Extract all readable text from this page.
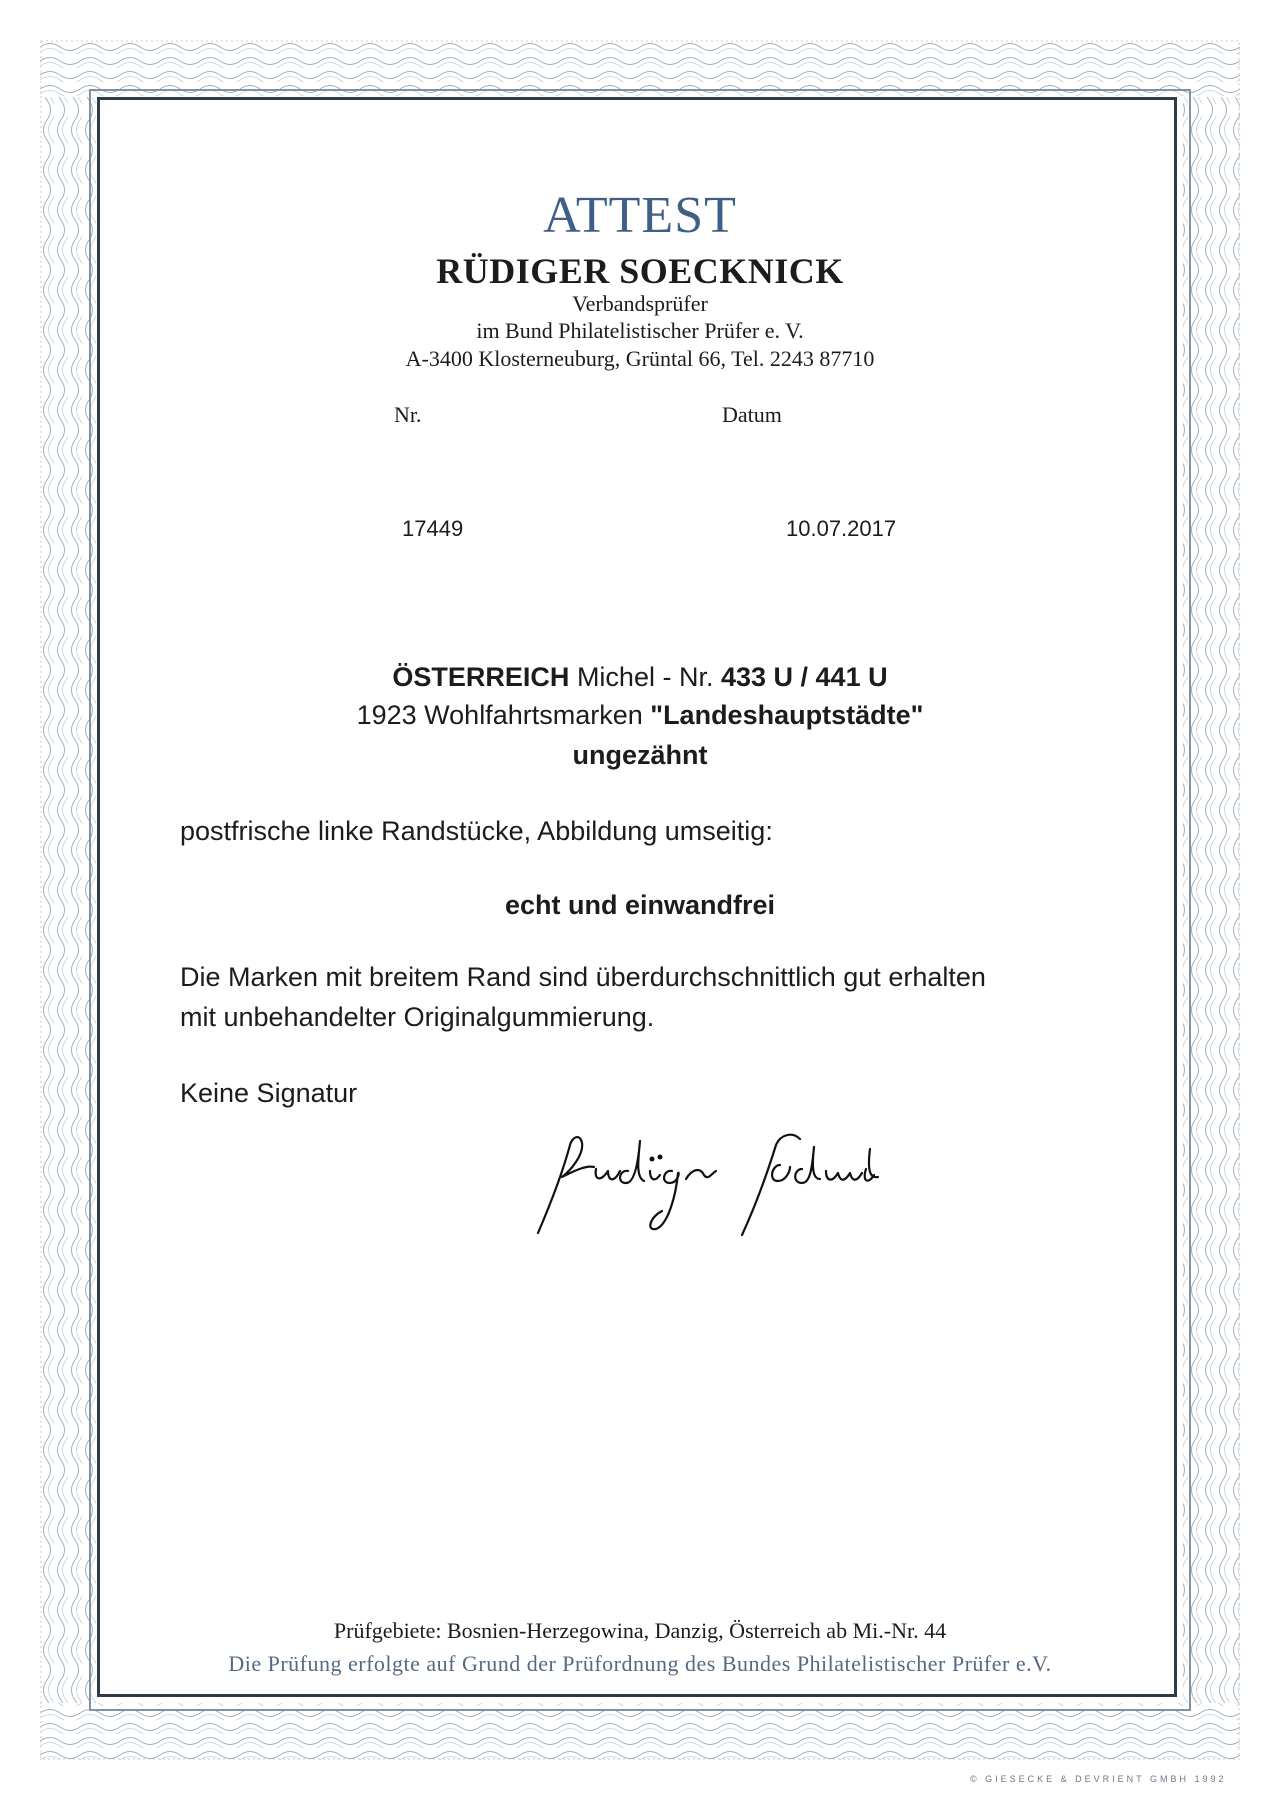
ATTEST
RÜDIGER SOECKNICK
Verbandsprüfer
im Bund Philatelistischer Prüfer e. V.
A-3400 Klosterneuburg, Grüntal 66, Tel. 2243 87710
Nr.	Datum
17449	10.07.2017
ÖSTERREICH Michel - Nr. 433 U / 441 U
1923 Wohlfahrtsmarken "Landeshauptstädte"
ungezähnt
postfrische linke Randstücke, Abbildung umseitig:
echt und einwandfrei
Die Marken mit breitem Rand sind überdurchschnittlich gut erhalten
mit unbehandelter Originalgummierung.
Keine Signatur
Prüfgebiete: Bosnien-Herzegowina, Danzig, Österreich ab Mi.-Nr. 44
Die Prüfung erfolgte auf Grund der Prüfordnung des Bundes Philatelistischer Prüfer e.V.
© GIESECKE & DEVRIENT GMBH 1992
